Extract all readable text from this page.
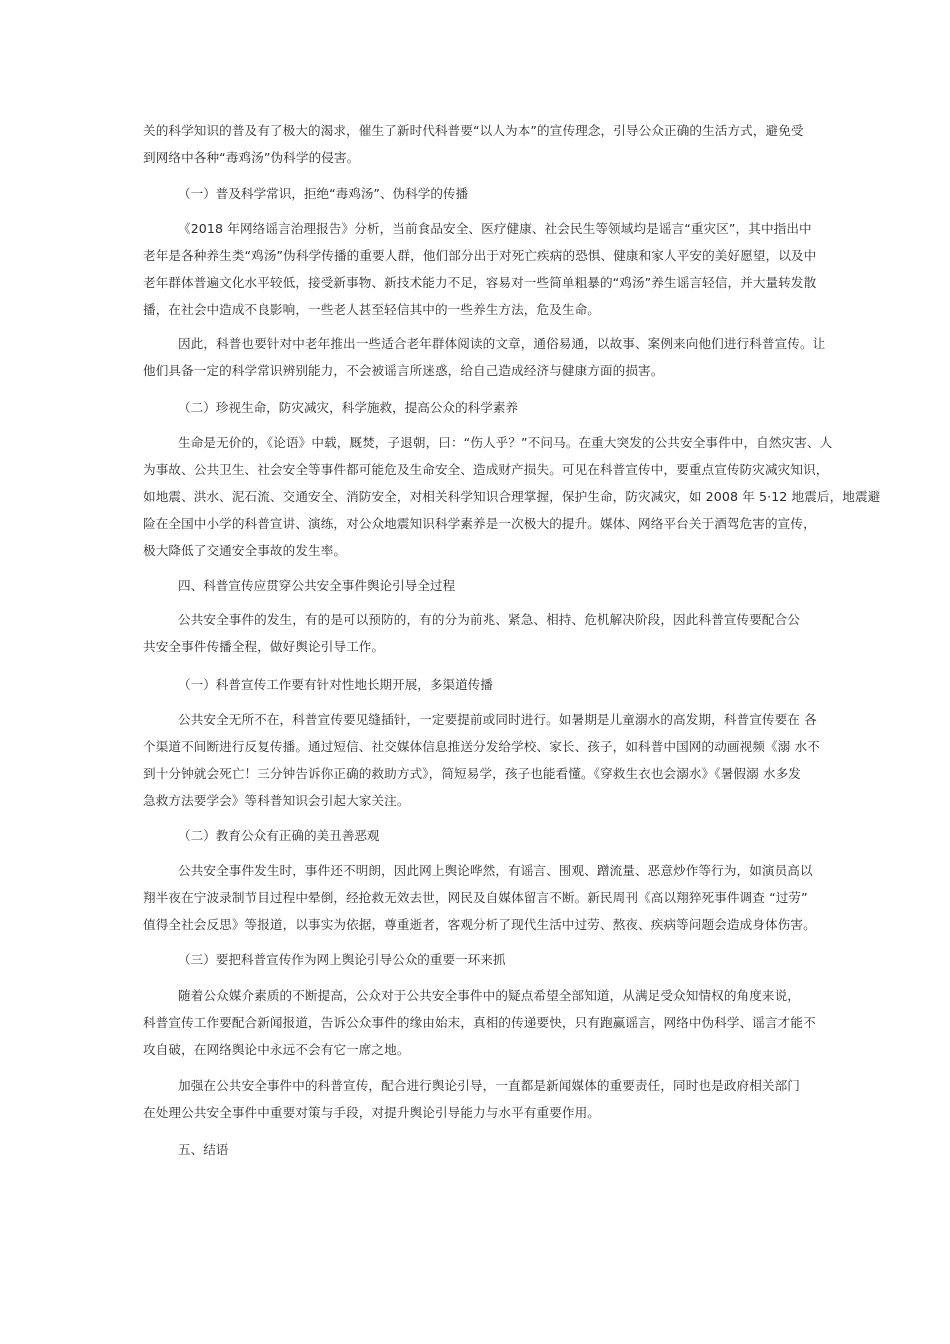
关的科学知识的普及有了极大的渴求，催生了新时代科普要“以人为本”的宣传理念，引导公众正确的生活方式，避免受
到网络中各种“毒鸡汤”伪科学的侵害。

（一）普及科学常识，拒绝“毒鸡汤”、伪科学的传播

《2018 年网络谣言治理报告》分析，当前食品安全、医疗健康、社会民生等领域均是谣言“重灾区”，其中指出中
老年是各种养生类“鸡汤”伪科学传播的重要人群，他们部分出于对死亡疾病的恐惧、健康和家人平安的美好愿望，以及中
老年群体普遍文化水平较低，接受新事物、新技术能力不足，容易对一些简单粗暴的“鸡汤”养生谣言轻信，并大量转发散
播，在社会中造成不良影响，一些老人甚至轻信其中的一些养生方法，危及生命。

因此，科普也要针对中老年推出一些适合老年群体阅读的文章，通俗易通，以故事、案例来向他们进行科普宣传。让
他们具备一定的科学常识辨别能力，不会被谣言所迷惑，给自己造成经济与健康方面的损害。

（二）珍视生命，防灾减灾，科学施救，提高公众的科学素养

生命是无价的，《论语》中载，厩焚，子退朝，曰：“伤人乎？”不问马。在重大突发的公共安全事件中，自然灾害、人
为事故、公共卫生、社会安全等事件都可能危及生命安全、造成财产损失。可见在科普宣传中，要重点宣传防灾减灾知识，
如地震、洪水、泥石流、交通安全、消防安全，对相关科学知识合理掌握，保护生命，防灾减灾，如 2008 年 5·12 地震后，地震避
险在全国中小学的科普宣讲、演练，对公众地震知识科学素养是一次极大的提升。媒体、网络平台关于酒驾危害的宣传，
极大降低了交通安全事故的发生率。

四、科普宣传应贯穿公共安全事件舆论引导全过程

公共安全事件的发生，有的是可以预防的，有的分为前兆、紧急、相持、危机解决阶段，因此科普宣传要配合公
共安全事件传播全程，做好舆论引导工作。

（一）科普宣传工作要有针对性地长期开展，多渠道传播

公共安全无所不在，科普宣传要见缝插针，一定要提前或同时进行。如暑期是儿童溺水的高发期，科普宣传要在 各
个渠道不间断进行反复传播。通过短信、社交媒体信息推送分发给学校、家长、孩子，如科普中国网的动画视频《溺 水不
到十分钟就会死亡！三分钟告诉你正确的救助方式》，简短易学，孩子也能看懂。《穿救生衣也会溺水》《暑假溺 水多发
急救方法要学会》等科普知识会引起大家关注。

（二）教育公众有正确的美丑善恶观

公共安全事件发生时，事件还不明朗，因此网上舆论哗然，有谣言、围观、蹭流量、恶意炒作等行为，如演员高以
翔半夜在宁波录制节目过程中晕倒，经抢救无效去世，网民及自媒体留言不断。新民周刊《高以翔猝死事件调查 “过劳”
值得全社会反思》等报道，以事实为依据，尊重逝者，客观分析了现代生活中过劳、熬夜、疾病等问题会造成身体伤害。

（三）要把科普宣传作为网上舆论引导公众的重要一环来抓

随着公众媒介素质的不断提高，公众对于公共安全事件中的疑点希望全部知道，从满足受众知情权的角度来说，
科普宣传工作要配合新闻报道，告诉公众事件的缘由始末，真相的传递要快，只有跑赢谣言，网络中伪科学、谣言才能不
攻自破，在网络舆论中永远不会有它一席之地。

加强在公共安全事件中的科普宣传，配合进行舆论引导，一直都是新闻媒体的重要责任，同时也是政府相关部门
在处理公共安全事件中重要对策与手段，对提升舆论引导能力与水平有重要作用。

五、结语
